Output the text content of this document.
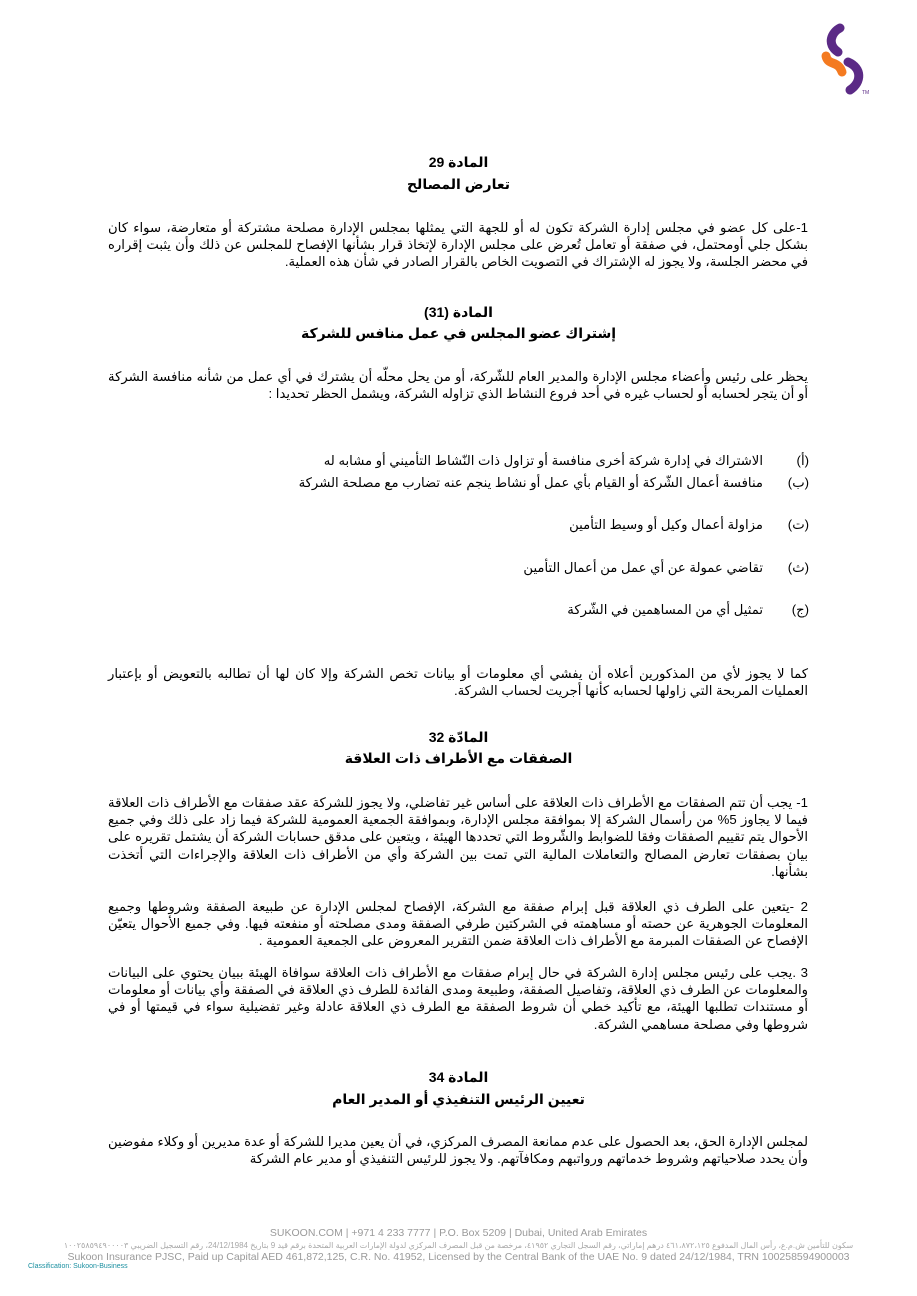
TM
المادة 29
تعارض المصالح
1-على كل عضو في مجلس إدارة الشركة تكون له أو للجهة التي يمثلها بمجلس الإدارة مصلحة مشتركة أو متعارضة، سواء كان بشكل جلي أومحتمل، في صفقة أو تعامل تُعرض على مجلس الإدارة لإتخاذ قرار بشأنها الإفصاح للمجلس عن ذلك وأن يثبت إقراره في محضر الجلسة، ولا يجوز له الإشتراك في التصويت الخاص بالقرار الصادر في شأن هذه العملية.
المادة (31)
إشتراك عضو المجلس في عمل منافس للشركة
يحظر على رئيس وأعضاء مجلس الإدارة والمدير العام للشّركة، أو من يحل محلّه أن يشترك في أي عمل من شأنه منافسة الشركة أو أن يتجر لحسابه أو لحساب غيره في أحد فروع النشاط الذي تزاوله الشركة، ويشمل الحظر تحديدا :
(أ)
الاشتراك في إدارة شركة أخرى منافسة أو تزاول ذات النّشاط التأميني أو مشابه له
(ب)
منافسة أعمال الشّركة أو القيام بأي عمل أو نشاط ينجم عنه تضارب مع مصلحة الشركة
(ت)
مزاولة أعمال وكيل أو وسيط التأمين
(ث)
تقاضي عمولة عن أي عمل من أعمال التأمين
(ج)
تمثيل أي من المساهمين في الشّركة
كما لا يجوز لأي من المذكورين أعلاه أن يفشي أي معلومات أو بيانات تخص الشركة وإلا كان لها أن تطالبه بالتعويض أو بإعتبار العمليات المربحة التي زاولها لحسابه كأنها أجريت لحساب الشركة.
المادّة 32
الصفقات مع الأطراف ذات العلاقة
1- يجب أن تتم الصفقات مع الأطراف ذات العلاقة على أساس غير تفاضلي، ولا يجوز للشركة عقد صفقات مع الأطراف ذات العلاقة فيما لا يجاوز 5% من رأسمال الشركة إلا بموافقة مجلس الإدارة، وبموافقة الجمعية العمومية للشركة فيما زاد على ذلك وفي جميع الأحوال يتم تقييم الصفقات وفقا للضوابط والشّروط التي تحددها الهيئة ، ويتعين على مدقق حسابات الشركة أن يشتمل تقريره على بيان بصفقات تعارض المصالح والتعاملات المالية التي تمت بين الشركة وأي من الأطراف ذات العلاقة والإجراءات التي أتخذت بشأنها.
2 -يتعين على الطرف ذي العلاقة قبل إبرام صفقة مع الشركة، الإفصاح لمجلس الإدارة عن طبيعة الصفقة وشروطها وجميع المعلومات الجوهرية عن حصته أو مساهمته في الشركتين طرفي الصفقة ومدى مصلحته أو منفعته فيها. وفي جميع الأحوال يتعيّن الإفصاح عن الصفقات المبرمة مع الأطراف ذات العلاقة ضمن التقرير المعروض على الجمعية العمومية .
3 .يجب على رئيس مجلس إدارة الشركة في حال إبرام صفقات مع الأطراف ذات العلاقة سوافاة الهيئة ببيان يحتوي على البيانات والمعلومات عن الطرف ذي العلاقة، وتفاصيل الصفقة، وطبيعة ومدى الفائدة للطرف ذي العلاقة في الصفقة وأي بيانات أو معلومات أو مستندات تطلبها الهيئة، مع تأكيد خطي أن شروط الصفقة مع الطرف ذي العلاقة عادلة وغير تفضيلية سواء في قيمتها أو في شروطها وفي مصلحة مساهمي الشركة.
المادة 34
تعيين الرئيس التنفيذي أو المدير العام
لمجلس الإدارة الحق، بعد الحصول على عدم ممانعة المصرف المركزي، في أن يعين مديرا للشركة أو عدة مديرين أو وكلاء مفوضين وأن يحدد صلاحياتهم وشروط خدماتهم ورواتبهم ومكافآتهم. ولا يجوز للرئيس التنفيذي أو مدير عام الشركة
SUKOON.COM | +971 4 233 7777 | P.O. Box 5209 | Dubai, United Arab Emirates
سكون للتأمين ش.م.ع، رأس المال المدفوع ٤٦١،٨٧٢،١٢٥ درهم إماراتي، رقم السجل التجاري ٤١٩٥٢، مرخصة من قبل المصرف المركزي لدولة الإمارات العربية المتحدة برقم قيد 9 بتاريخ 24/12/1984، رقم التسجيل الضريبي ١٠٠٢٥٨٥٩٤٩٠٠٠٠٣
Sukoon Insurance PJSC, Paid up Capital AED 461,872,125, C.R. No. 41952, Licensed by the Central Bank of the UAE No. 9 dated 24/12/1984, TRN 100258594900003
Classification: Sukoon-Business
